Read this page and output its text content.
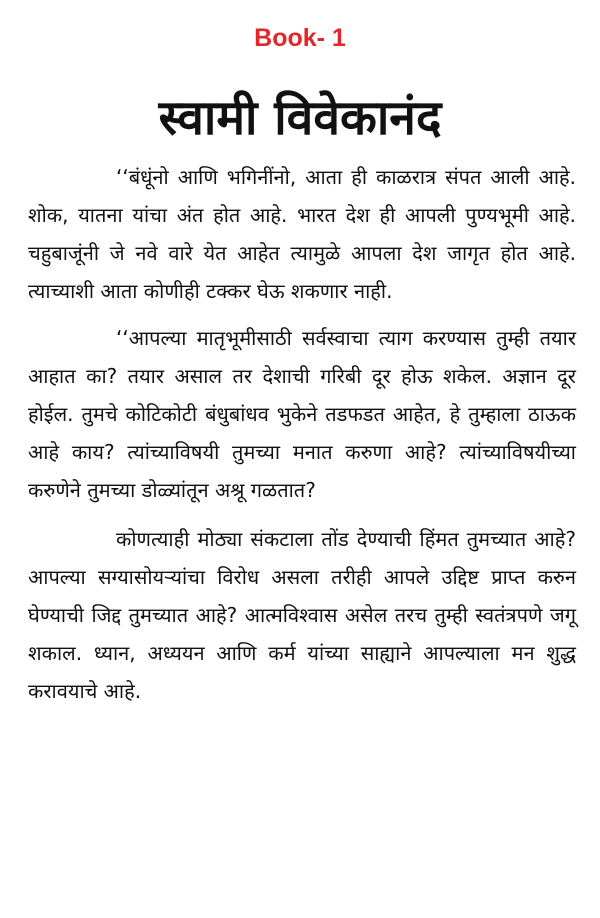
Book- 1
स्वामी विवेकानंद

‘‘बंधूंनो आणि भगिनींनो, आता ही काळरात्र संपत आली आहे. शोक, यातना यांचा अंत होत आहे. भारत देश ही आपली पुण्यभूमी आहे. चहुबाजूंनी जे नवे वारे येत आहेत त्यामुळे आपला देश जागृत होत आहे. त्याच्याशी आता कोणीही टक्कर घेऊ शकणार नाही.

‘‘आपल्या मातृभूमीसाठी सर्वस्वाचा त्याग करण्यास तुम्ही तयार आहात का? तयार असाल तर देशाची गरिबी दूर होऊ शकेल. अज्ञान दूर होईल. तुमचे कोटिकोटी बंधुबांधव भुकेने तडफडत आहेत, हे तुम्हाला ठाऊक आहे काय? त्यांच्याविषयी तुमच्या मनात करुणा आहे? त्यांच्याविषयीच्या करुणेने तुमच्या डोळ्यांतून अश्रू गळतात?

कोणत्याही मोठ्या संकटाला तोंड देण्याची हिंमत तुमच्यात आहे? आपल्या सग्यासोयऱ्यांचा विरोध असला तरीही आपले उद्दिष्ट प्राप्त करुन घेण्याची जिद्द तुमच्यात आहे? आत्मविश्वास असेल तरच तुम्ही स्वतंत्रपणे जगू शकाल. ध्यान, अध्ययन आणि कर्म यांच्या साह्याने आपल्याला मन शुद्ध करावयाचे आहे.
